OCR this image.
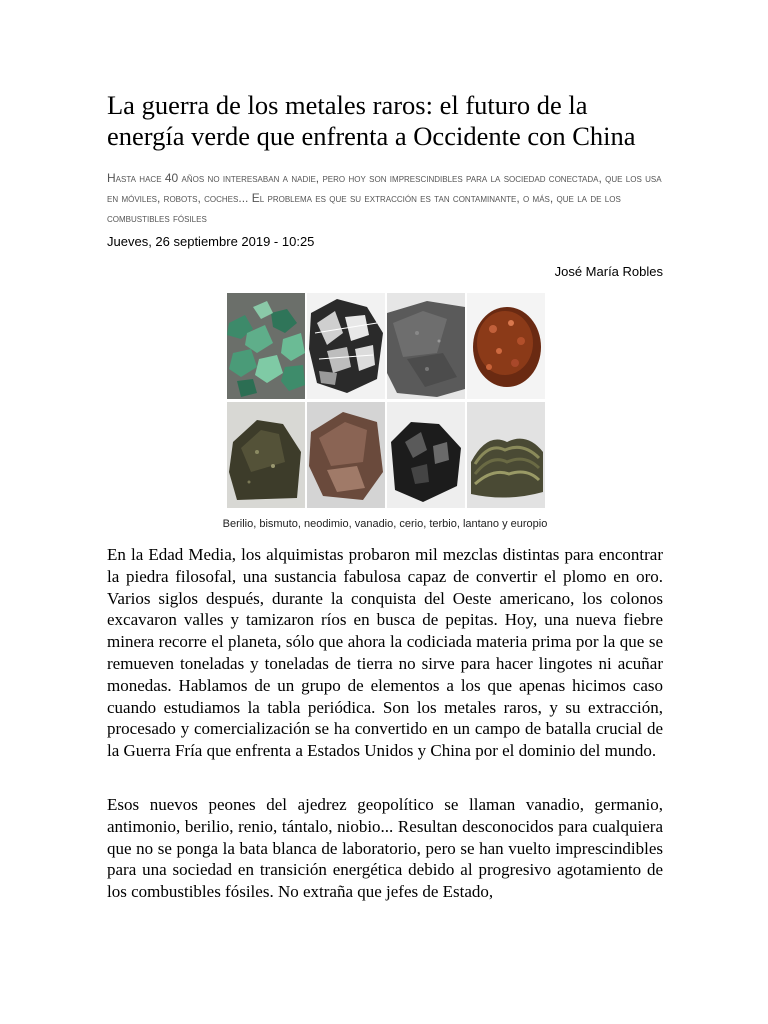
La guerra de los metales raros: el futuro de la energía verde que enfrenta a Occidente con China
Hasta hace 40 años no interesaban a nadie, pero hoy son imprescindibles para la sociedad conectada, que los usa en móviles, robots, coches... El problema es que su extracción es tan contaminante, o más, que la de los combustibles fósiles
Jueves, 26 septiembre 2019 - 10:25
José María Robles
Berilio, bismuto, neodimio, vanadio, cerio, terbio, lantano y europio

En la Edad Media, los alquimistas probaron mil mezclas distintas para encontrar la piedra filosofal, una sustancia fabulosa capaz de convertir el plomo en oro. Varios siglos después, durante la conquista del Oeste americano, los colonos excavaron valles y tamizaron ríos en busca de pepitas. Hoy, una nueva fiebre minera recorre el planeta, sólo que ahora la codiciada materia prima por la que se remueven toneladas y toneladas de tierra no sirve para hacer lingotes ni acuñar monedas. Hablamos de un grupo de elementos a los que apenas hicimos caso cuando estudiamos la tabla periódica. Son los metales raros, y su extracción, procesado y comercialización se ha convertido en un campo de batalla crucial de la Guerra Fría que enfrenta a Estados Unidos y China por el dominio del mundo.

Esos nuevos peones del ajedrez geopolítico se llaman vanadio, germanio, antimonio, berilio, renio, tántalo, niobio... Resultan desconocidos para cualquiera que no se ponga la bata blanca de laboratorio, pero se han vuelto imprescindibles para una sociedad en transición energética debido al progresivo agotamiento de los combustibles fósiles. No extraña que jefes de Estado,
